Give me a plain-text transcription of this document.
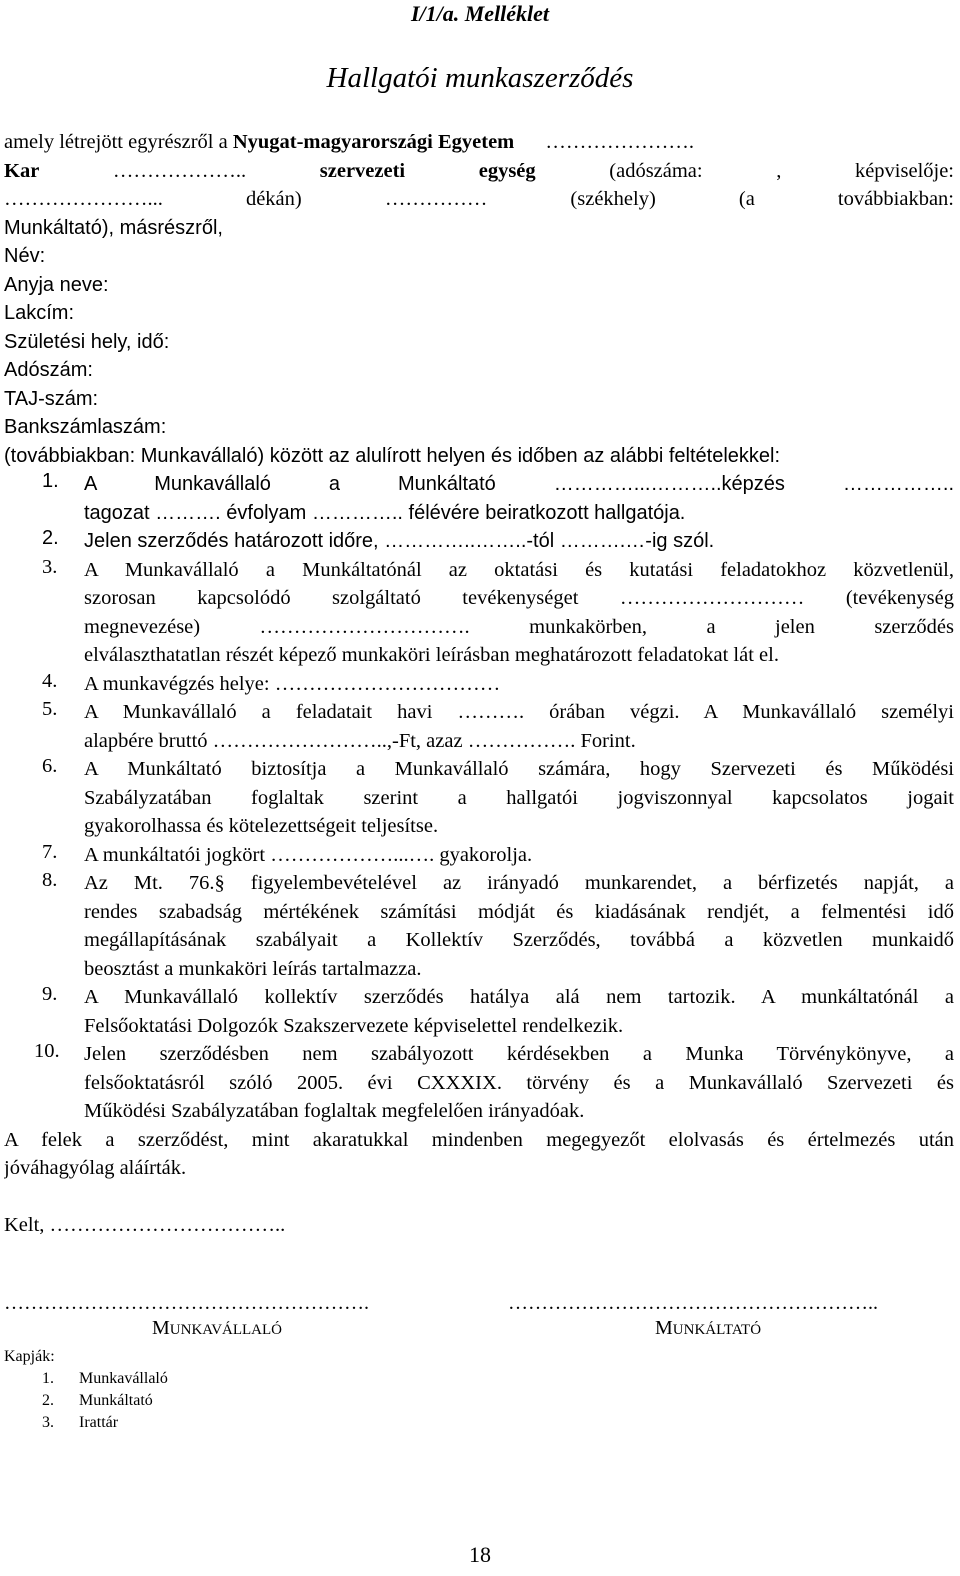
I/1/a. Melléklet
Hallgatói munkaszerződés
amely létrejött egyrészről a Nyugat-magyarországi Egyetem ………………….
Kar	……………….. szervezeti egység	(adószáma:	, képviselője:
…………………... dékán)	…………… (székhely) (a továbbiakban:
Munkáltató), másrészről,
Név:
Anyja neve:
Lakcím:
Születési hely, idő:
Adószám:
TAJ-szám:
Bankszámlaszám:
(továbbiakban: Munkavállaló) között az alulírott helyen és időben az alábbi feltételekkel:
1. A Munkavállaló a Munkáltató …………...………..képzés ……………..
tagozat ………. évfolyam ………….. félévére beiratkozott hallgatója.
2. Jelen szerződés határozott időre, …………..……..-tól ……….…-ig szól.
3. A Munkavállaló a Munkáltatónál az oktatási és kutatási feladatokhoz közvetlenül,
szorosan kapcsolódó szolgáltató tevékenységet ……………………… (tevékenység
megnevezése) …………………………. munkakörben, a jelen szerződés
elválaszthatatlan részét képező munkaköri leírásban meghatározott feladatokat lát el.
4. A munkavégzés helye: ……………………………
5. A Munkavállaló a feladatait havi ………. órában végzi. A Munkavállaló személyi
alapbére bruttó ……………………..,-Ft, azaz ……………. Forint.
6. A Munkáltató biztosítja a Munkavállaló számára, hogy Szervezeti és Működési
Szabályzatában foglaltak szerint a hallgatói jogviszonnyal kapcsolatos jogait
gyakorolhassa és kötelezettségeit teljesítse.
7. A munkáltatói jogkört ………………...…. gyakorolja.
8. Az Mt. 76.§ figyelembevételével az irányadó munkarendet, a bérfizetés napját, a
rendes szabadság mértékének számítási módját és kiadásának rendjét, a felmentési idő
megállapításának szabályait a Kollektív Szerződés, továbbá a közvetlen munkaidő
beosztást a munkaköri leírás tartalmazza.
9. A Munkavállaló kollektív szerződés hatálya alá nem tartozik. A munkáltatónál a
Felsőoktatási Dolgozók Szakszervezete képviselettel rendelkezik.
10. Jelen szerződésben nem szabályozott kérdésekben a Munka Törvénykönyve, a
felsőoktatásról szóló 2005. évi CXXXIX. törvény és a Munkavállaló Szervezeti és
Működési Szabályzatában foglaltak megfelelően irányadóak.
A felek a szerződést, mint akaratukkal mindenben megegyezőt elolvasás és értelmezés után
jóváhagyólag aláírták.
Kelt, ……………………………..
……………………………………………….	………………………………………………..
MUNKAVÁLLALÓ	MUNKÁLTATÓ
Kapják:
1. Munkavállaló
2. Munkáltató
3. Irattár
18
